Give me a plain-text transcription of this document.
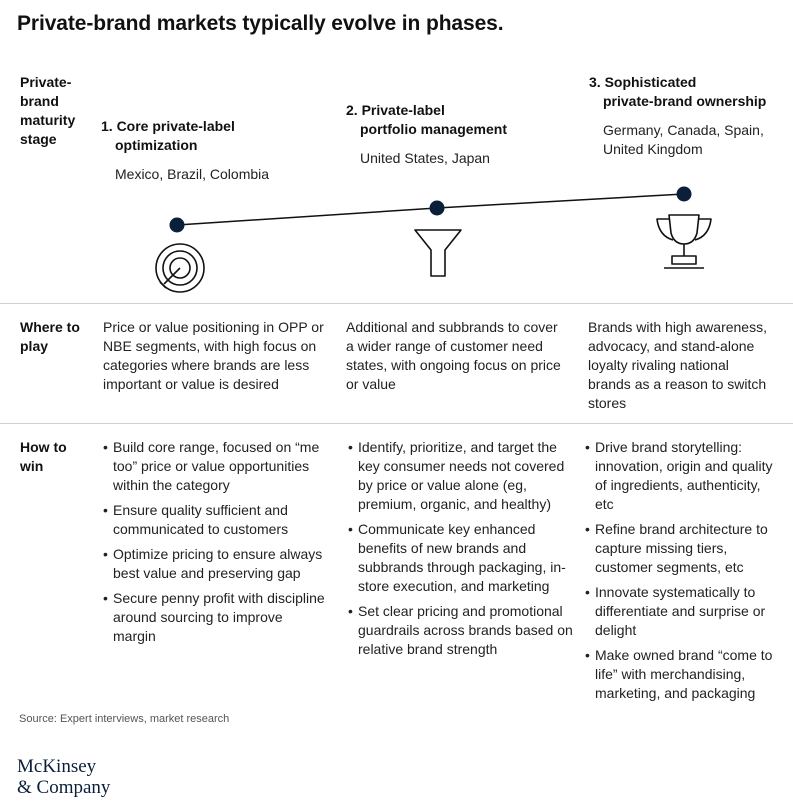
Private-brand markets typically evolve in phases.
Private-brand maturity stage
Where to play
How to win
1. Core private-label
optimization
Mexico, Brazil, Colombia
2. Private-label
portfolio management
United States, Japan
3. Sophisticated
private-brand ownership
Germany, Canada, Spain, United Kingdom
Price or value positioning in OPP or NBE segments, with high focus on categories where brands are less important or value is desired
Additional and subbrands to cover a wider range of customer need states, with ongoing focus on price or value
Brands with high awareness, advocacy, and stand-alone loyalty rivaling national brands as a reason to switch stores
• Build core range, focused on “me too” price or value opportunities within the category
• Ensure quality sufficient and communicated to customers
• Optimize pricing to ensure always best value and preserving gap
• Secure penny profit with discipline around sourcing to improve margin
• Identify, prioritize, and target the key consumer needs not covered by price or value alone (eg, premium, organic, and healthy)
• Communicate key enhanced benefits of new brands and subbrands through packaging, in-store execution, and marketing
• Set clear pricing and promotional guardrails across brands based on relative brand strength
• Drive brand storytelling: innovation, origin and quality of ingredients, authenticity, etc
• Refine brand architecture to capture missing tiers, customer segments, etc
• Innovate systematically to differentiate and surprise or delight
• Make owned brand “come to life” with merchandising, marketing, and packaging
Source: Expert interviews, market research
McKinsey
& Company
